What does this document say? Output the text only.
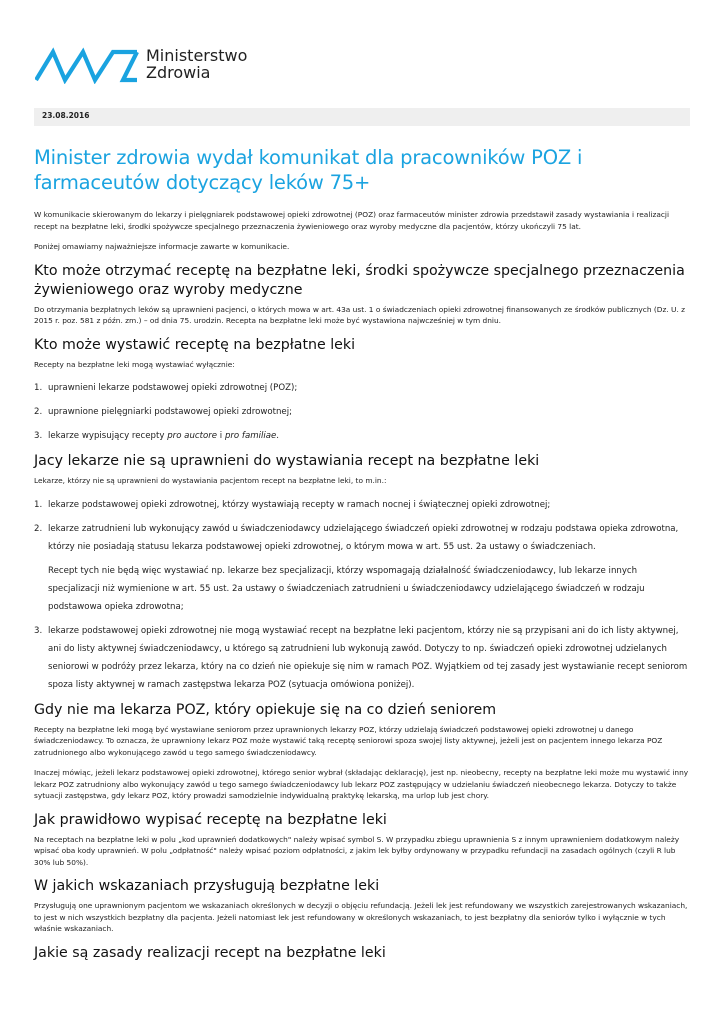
Ministerstwo
Zdrowia
23.08.2016
Minister zdrowia wydał komunikat dla pracowników POZ i farmaceutów dotyczący leków 75+

W komunikacie skierowanym do lekarzy i pielęgniarek podstawowej opieki zdrowotnej (POZ) oraz farmaceutów minister zdrowia przedstawił zasady wystawiania i realizacji recept na bezpłatne leki, środki spożywcze specjalnego przeznaczenia żywieniowego oraz wyroby medyczne dla pacjentów, którzy ukończyli 75 lat.

Poniżej omawiamy najważniejsze informacje zawarte w komunikacie.

Kto może otrzymać receptę na bezpłatne leki, środki spożywcze specjalnego przeznaczenia żywieniowego oraz wyroby medyczne

Do otrzymania bezpłatnych leków są uprawnieni pacjenci, o których mowa w art. 43a ust. 1 o świadczeniach opieki zdrowotnej finansowanych ze środków publicznych (Dz. U. z 2015 r. poz. 581 z późn. zm.) – od dnia 75. urodzin. Recepta na bezpłatne leki może być wystawiona najwcześniej w tym dniu.

Kto może wystawić receptę na bezpłatne leki

Recepty na bezpłatne leki mogą wystawiać wyłącznie:

1. uprawnieni lekarze podstawowej opieki zdrowotnej (POZ);
2. uprawnione pielęgniarki podstawowej opieki zdrowotnej;
3. lekarze wypisujący recepty pro auctore i pro familiae.
Jacy lekarze nie są uprawnieni do wystawiania recept na bezpłatne leki

Lekarze, którzy nie są uprawnieni do wystawiania pacjentom recept na bezpłatne leki, to m.in.:

1. lekarze podstawowej opieki zdrowotnej, którzy wystawiają recepty w ramach nocnej i świątecznej opieki zdrowotnej;
2. lekarze zatrudnieni lub wykonujący zawód u świadczeniodawcy udzielającego świadczeń opieki zdrowotnej w rodzaju podstawa opieka zdrowotna, którzy nie posiadają statusu lekarza podstawowej opieki zdrowotnej, o którym mowa w art. 55 ust. 2a ustawy o świadczeniach.
Recept tych nie będą więc wystawiać np. lekarze bez specjalizacji, którzy wspomagają działalność świadczeniodawcy, lub lekarze innych specjalizacji niż wymienione w art. 55 ust. 2a ustawy o świadczeniach zatrudnieni u świadczeniodawcy udzielającego świadczeń w rodzaju podstawowa opieka zdrowotna;
3. lekarze podstawowej opieki zdrowotnej nie mogą wystawiać recept na bezpłatne leki pacjentom, którzy nie są przypisani ani do ich listy aktywnej, ani do listy aktywnej świadczeniodawcy, u którego są zatrudnieni lub wykonują zawód. Dotyczy to np. świadczeń opieki zdrowotnej udzielanych seniorowi w podróży przez lekarza, który na co dzień nie opiekuje się nim w ramach POZ. Wyjątkiem od tej zasady jest wystawianie recept seniorom spoza listy aktywnej w ramach zastępstwa lekarza POZ (sytuacja omówiona poniżej).
Gdy nie ma lekarza POZ, który opiekuje się na co dzień seniorem

Recepty na bezpłatne leki mogą być wystawiane seniorom przez uprawnionych lekarzy POZ, którzy udzielają świadczeń podstawowej opieki zdrowotnej u danego świadczeniodawcy. To oznacza, że uprawniony lekarz POZ może wystawić taką receptę seniorowi spoza swojej listy aktywnej, jeżeli jest on pacjentem innego lekarza POZ zatrudnionego albo wykonującego zawód u tego samego świadczeniodawcy.

Inaczej mówiąc, jeżeli lekarz podstawowej opieki zdrowotnej, którego senior wybrał (składając deklarację), jest np. nieobecny, recepty na bezpłatne leki może mu wystawić inny lekarz POZ zatrudniony albo wykonujący zawód u tego samego świadczeniodawcy lub lekarz POZ zastępujący w udzielaniu świadczeń nieobecnego lekarza. Dotyczy to także sytuacji zastępstwa, gdy lekarz POZ, który prowadzi samodzielnie indywidualną praktykę lekarską, ma urlop lub jest chory.

Jak prawidłowo wypisać receptę na bezpłatne leki

Na receptach na bezpłatne leki w polu „kod uprawnień dodatkowych" należy wpisać symbol S. W przypadku zbiegu uprawnienia S z innym uprawnieniem dodatkowym należy wpisać oba kody uprawnień. W polu „odpłatność" należy wpisać poziom odpłatności, z jakim lek byłby ordynowany w przypadku refundacji na zasadach ogólnych (czyli R lub 30% lub 50%).

W jakich wskazaniach przysługują bezpłatne leki

Przysługują one uprawnionym pacjentom we wskazaniach określonych w decyzji o objęciu refundacją. Jeżeli lek jest refundowany we wszystkich zarejestrowanych wskazaniach, to jest w nich wszystkich bezpłatny dla pacjenta. Jeżeli natomiast lek jest refundowany w określonych wskazaniach, to jest bezpłatny dla seniorów tylko i wyłącznie w tych właśnie wskazaniach.

Jakie są zasady realizacji recept na bezpłatne leki
